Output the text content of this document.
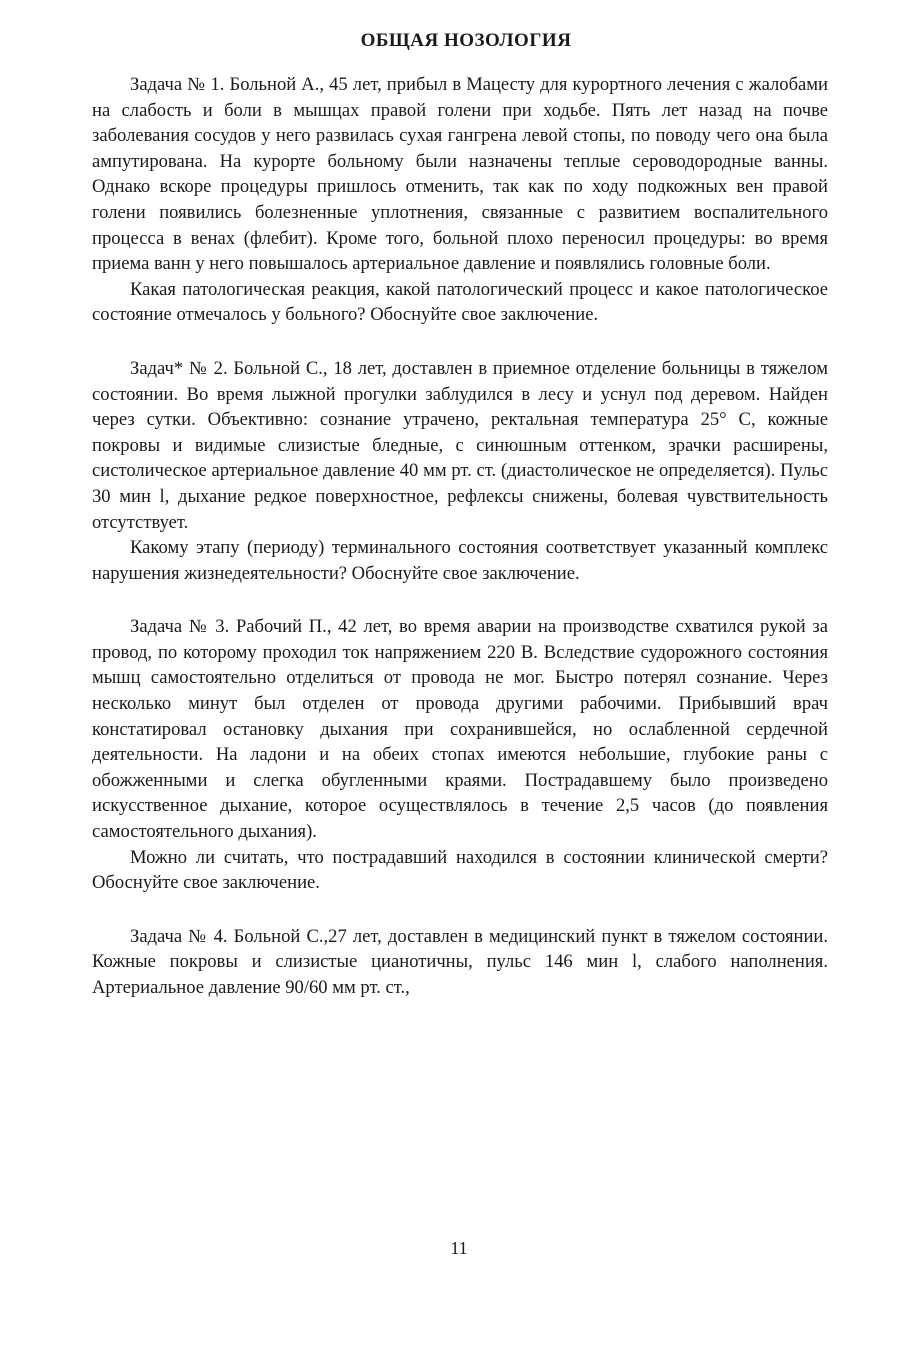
ОБЩАЯ НОЗОЛОГИЯ

Задача № 1. Больной А., 45 лет, прибыл в Мацесту для курортного лечения с жалобами на слабость и боли в мышцах правой голени при ходьбе. Пять лет назад на почве заболевания сосудов у него развилась сухая гангрена левой стопы, по поводу чего она была ампутирована. На курорте больному были назначены теплые сероводородные ванны. Однако вскоре процедуры пришлось отменить, так как по ходу подкожных вен правой голени появились болезненные уплотнения, связанные с развитием воспалительного процесса в венах (флебит). Кроме того, больной плохо переносил процедуры: во время приема ванн у него повышалось артериальное давление и появлялись головные боли.

Какая патологическая реакция, какой патологический процесс и какое патологическое состояние отмечалось у больного? Обоснуйте свое заключение.

Задач* № 2. Больной С., 18 лет, доставлен в приемное отделение больницы в тяжелом состоянии. Во время лыжной прогулки заблудился в лесу и уснул под деревом. Найден через сутки. Объективно: сознание утрачено, ректальная температура 25° С, кожные покровы и видимые слизистые бледные, с синюшным оттенком, зрачки расширены, систолическое артериальное давление 40 мм рт. ст. (диастолическое не определяется). Пульс 30 мин l, дыхание редкое поверхностное, рефлексы снижены, болевая чувствительность отсутствует.

Какому этапу (периоду) терминального состояния соответствует указанный комплекс нарушения жизнедеятельности? Обоснуйте свое заключение.

Задача № 3. Рабочий П., 42 лет, во время аварии на производстве схватился рукой за провод, по которому проходил ток напряжением 220 В. Вследствие судорожного состояния мышц самостоятельно отделиться от провода не мог. Быстро потерял сознание. Через несколько минут был отделен от провода другими рабочими. Прибывший врач констатировал остановку дыхания при сохранившейся, но ослабленной сердечной деятельности. На ладони и на обеих стопах имеются небольшие, глубокие раны с обожженными и слегка обугленными краями. Пострадавшему было произведено искусственное дыхание, которое осуществлялось в течение 2,5 часов (до появления самостоятельного дыхания).

Можно ли считать, что пострадавший находился в состоянии клинической смерти? Обоснуйте свое заключение.

Задача № 4. Больной С.,27 лет, доставлен в медицинский пункт в тяжелом состоянии. Кожные покровы и слизистые цианотичны, пульс 146 мин l, слабого наполнения. Артериальное давление 90/60 мм рт. ст.,

11
